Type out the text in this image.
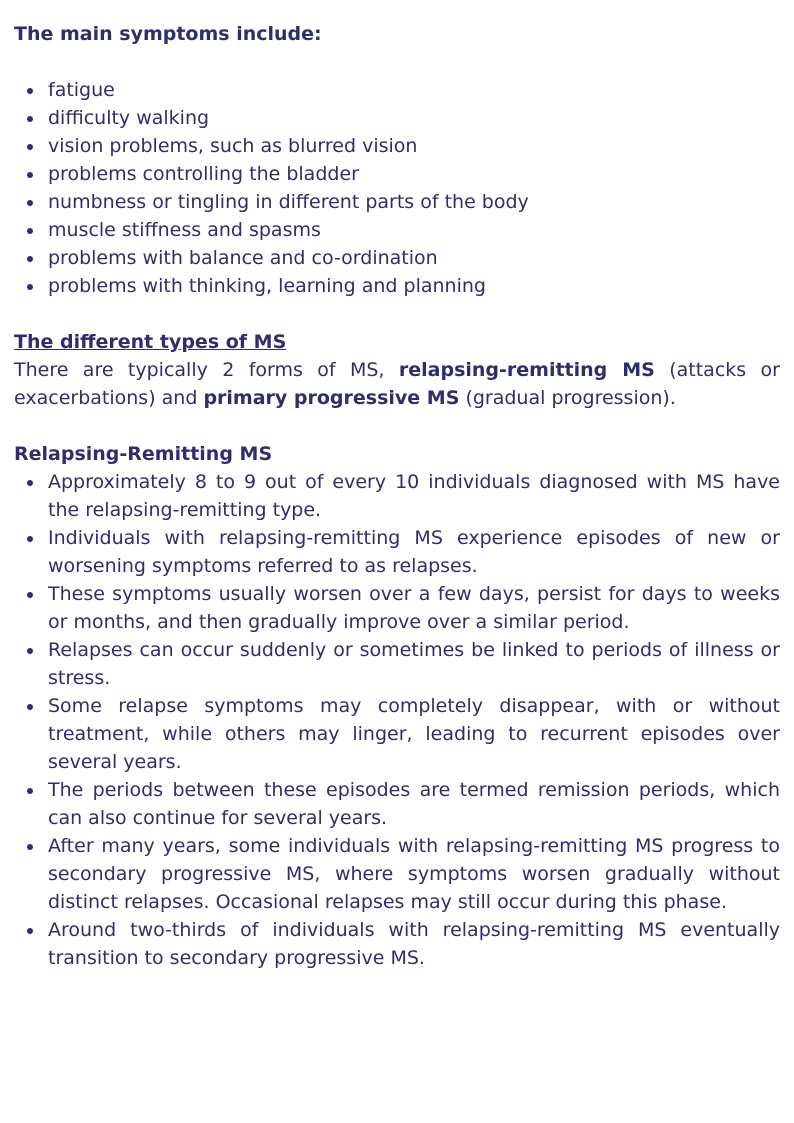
The main symptoms include:

fatigue
difficulty walking
vision problems, such as blurred vision
problems controlling the bladder
numbness or tingling in different parts of the body
muscle stiffness and spasms
problems with balance and co-ordination
problems with thinking, learning and planning

The different types of MS

There are typically 2 forms of MS, relapsing-remitting MS (attacks or exacerbations) and primary progressive MS (gradual progression).

Relapsing-Remitting MS

Approximately 8 to 9 out of every 10 individuals diagnosed with MS have the relapsing-remitting type.
Individuals with relapsing-remitting MS experience episodes of new or worsening symptoms referred to as relapses.
These symptoms usually worsen over a few days, persist for days to weeks or months, and then gradually improve over a similar period.
Relapses can occur suddenly or sometimes be linked to periods of illness or stress.
Some relapse symptoms may completely disappear, with or without treatment, while others may linger, leading to recurrent episodes over several years.
The periods between these episodes are termed remission periods, which can also continue for several years.
After many years, some individuals with relapsing-remitting MS progress to secondary progressive MS, where symptoms worsen gradually without distinct relapses. Occasional relapses may still occur during this phase.
Around two-thirds of individuals with relapsing-remitting MS eventually transition to secondary progressive MS.
